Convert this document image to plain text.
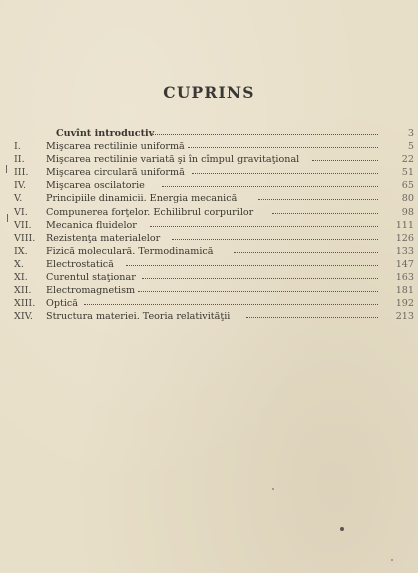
CUPRINS
Cuvînt introductiv	3
I.	Mişcarea rectilinie uniformă	5
II.	Mişcarea rectilinie variată şi în cîmpul gravitaţional	22
III.	Mişcarea circulară uniformă	51
IV.	Mişcarea oscilatorie	65
V.	Principiile dinamicii. Energia mecanică	80
VI.	Compunerea forţelor. Echilibrul corpurilor	98
VII.	Mecanica fluidelor	111
VIII.	Rezistenţa materialelor	126
IX.	Fizică moleculară. Termodinamică	133
X.	Electrostatică	147
XI.	Curentul staţionar	163
XII.	Electromagnetism	181
XIII.	Optică	192
XIV.	Structura materiei. Teoria relativităţii	213
